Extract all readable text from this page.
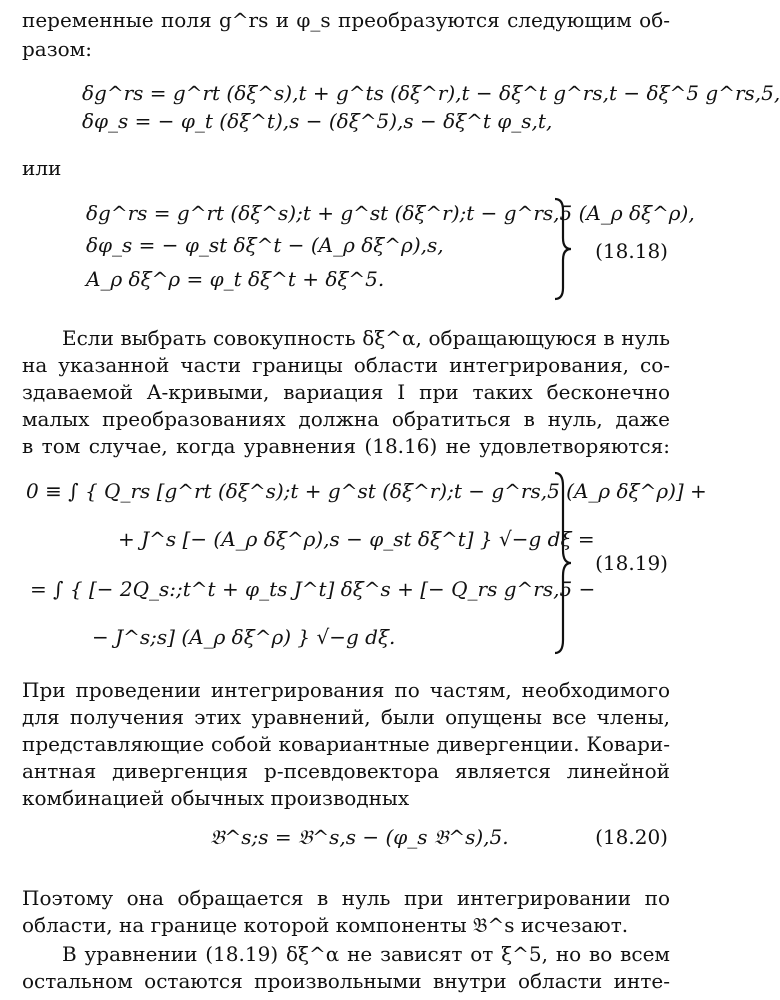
переменные поля g^rs и φ_s преобразуются следующим об-
разом:
δg^rs = g^rt (δξ^s),t + g^ts (δξ^r),t − δξ^t g^rs,t − δξ^5 g^rs,5,
δφ_s = − φ_t (δξ^t),s − (δξ^5),s − δξ^t φ_s,t,
или
δg^rs = g^rt (δξ^s);t + g^st (δξ^r);t − g^rs,5 (A_ρ δξ^ρ),
δφ_s = − φ_st δξ^t − (A_ρ δξ^ρ),s,
A_ρ δξ^ρ = φ_t δξ^t + δξ^5.
(18.18)
Если выбрать совокупность δξ^α, обращающуюся в нуль
на указанной части границы области интегрирования, со-
здаваемой A-кривыми, вариация I при таких бесконечно
малых преобразованиях должна обратиться в нуль, даже
в том случае, когда уравнения (18.16) не удовлетворяются:
0 ≡ ∫ { Q_rs [g^rt (δξ^s);t + g^st (δξ^r);t − g^rs,5 (A_ρ δξ^ρ)] +
+ J^s [− (A_ρ δξ^ρ),s − φ_st δξ^t] } √−g dξ =
= ∫ { [− 2Q_s:;t^t + φ_ts J^t] δξ^s + [− Q_rs g^rs,5 −
− J^s;s] (A_ρ δξ^ρ) } √−g dξ.
(18.19)
При проведении интегрирования по частям, необходимого
для получения этих уравнений, были опущены все члены,
представляющие собой ковариантные дивергенции. Ковари-
антная дивергенция p-псевдовектора является линейной
комбинацией обычных производных
𝔅^s;s = 𝔅^s,s − (φ_s 𝔅^s),5.	(18.20)
Поэтому она обращается в нуль при интегрировании по
области, на границе которой компоненты 𝔅^s исчезают.
В уравнении (18.19) δξ^α не зависят от ξ^5, но во всем
остальном остаются произвольными внутри области инте-
